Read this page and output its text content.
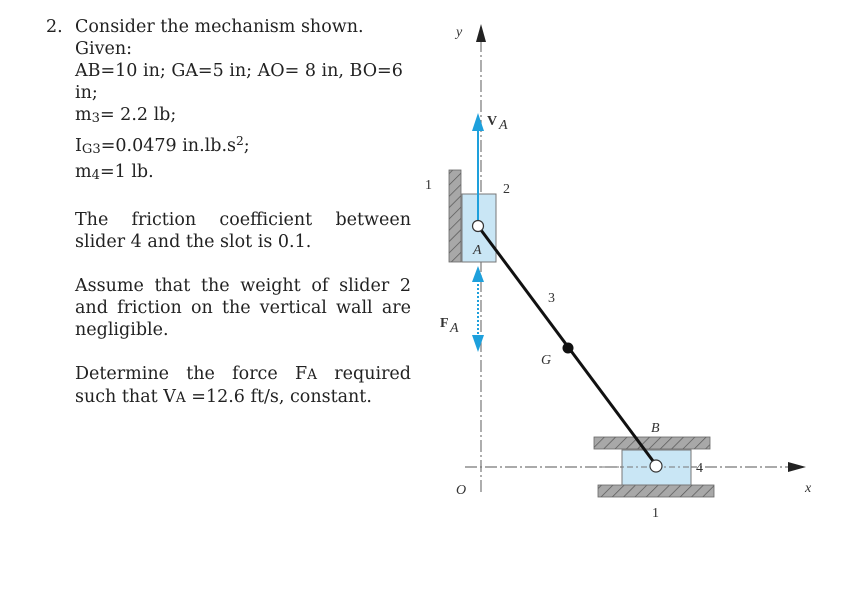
2. Consider the mechanism shown. Given:

AB=10 in; GA=5 in; AO= 8 in, BO=6 in;

m3= 2.2 lb;

IG3=0.0479 $in.lb.s^2$;

m4=1 lb.

The friction coefficient between slider 4 and the slot is 0.1.

Assume that the weight of slider 2 and friction on the vertical wall are negligible.

Determine the force FA required such that VA =12.6 ft/s, constant.

y
x
O
1	2
A
V A
F A
1
4
B
G
3
